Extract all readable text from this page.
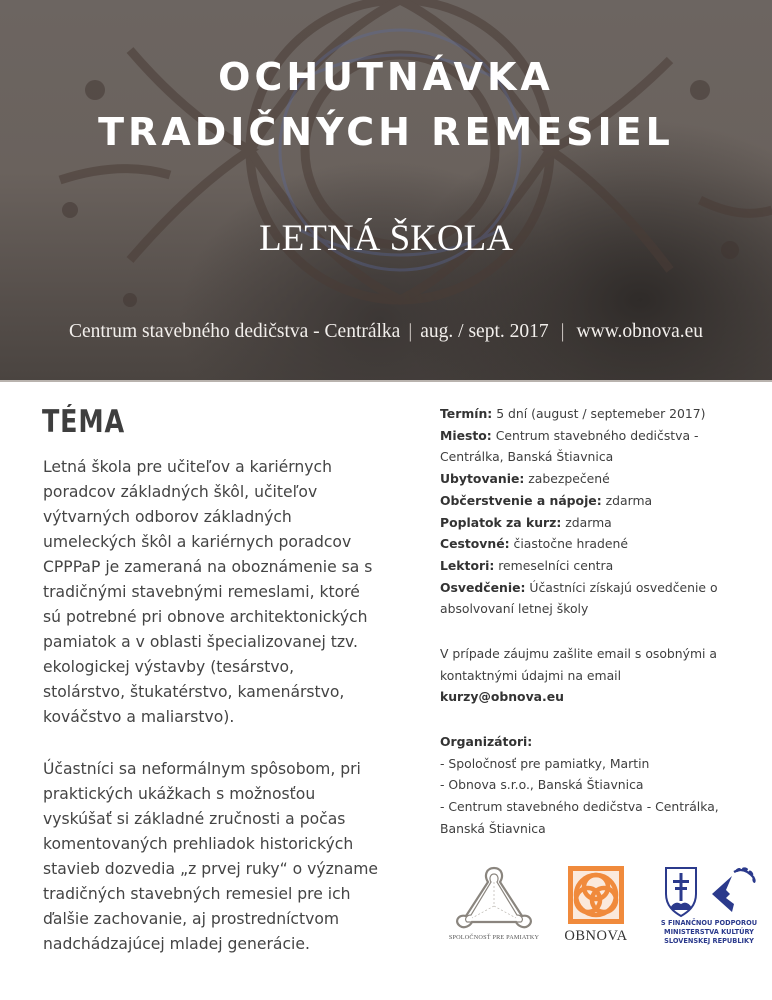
OCHUTNÁVKA
TRADIČNÝCH REMESIEL
LETNÁ ŠKOLA
Centrum stavebného dedičstva - Centrálka | aug. / sept. 2017 | www.obnova.eu
TÉMA
Letná škola pre učiteľov a kariérnych
poradcov základných škôl, učiteľov
výtvarných odborov základných
umeleckých škôl a kariérnych poradcov
CPPPaP je zameraná na oboznámenie sa s
tradičnými stavebnými remeslami, ktoré
sú potrebné pri obnove architektonických
pamiatok a v oblasti špecializovanej tzv.
ekologickej výstavby (tesárstvo,
stolárstvo, štukatérstvo, kamenárstvo,
kováčstvo a maliarstvo).
Účastníci sa neformálnym spôsobom, pri
praktických ukážkach s možnosťou
vyskúšať si základné zručnosti a počas
komentovaných prehliadok historických
stavieb dozvedia „z prvej ruky“ o význame
tradičných stavebných remesiel pre ich
ďalšie zachovanie, aj prostredníctvom
nadchádzajúcej mladej generácie.
Termín: 5 dní (august / septemeber 2017)
Miesto: Centrum stavebného dedičstva -
Centrálka, Banská Štiavnica
Ubytovanie: zabezpečené
Občerstvenie a nápoje: zdarma
Poplatok za kurz: zdarma
Cestovné: čiastočne hradené
Lektori: remeselníci centra
Osvedčenie: Účastníci získajú osvedčenie o
absolvovaní letnej školy
V prípade záujmu zašlite email s osobnými a
kontaktnými údajmi na email
kurzy@obnova.eu
Organizátori:
- Spoločnosť pre pamiatky, Martin
- Obnova s.r.o., Banská Štiavnica
- Centrum stavebného dedičstva - Centrálka,
Banská Štiavnica
SPOLOČNOSŤ PRE PAMIATKY	OBNOVA
S FINANČNOU PODPOROU
MINISTERSTVA KULTÚRY
SLOVENSKEJ REPUBLIKY
